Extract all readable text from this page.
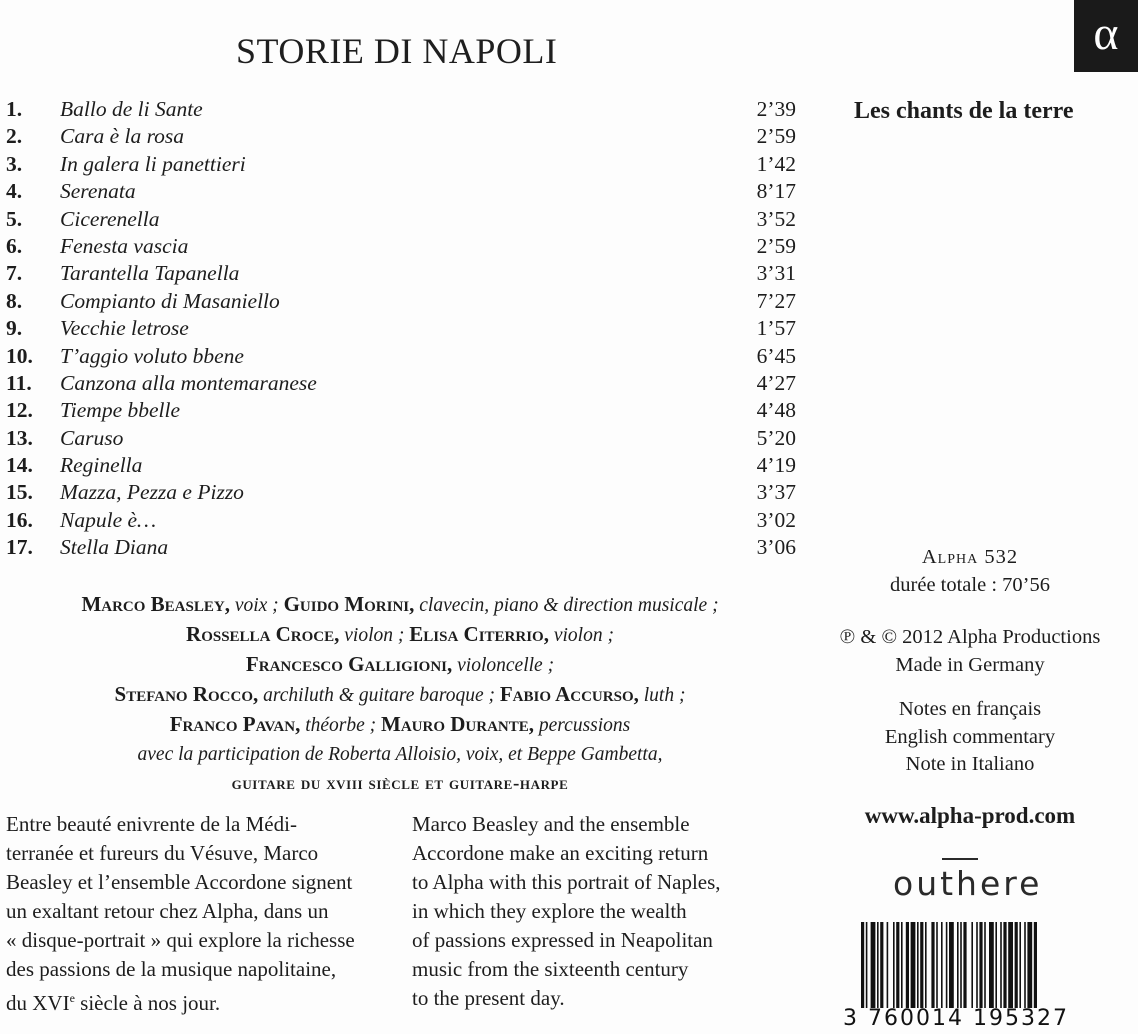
STORIE DI NAPOLI	α
Les chants de la terre
1. Ballo de li Sante	2’39
2. Cara è la rosa	2’59
3. In galera li panettieri	1’42
4. Serenata	8’17
5. Cicerenella	3’52
6. Fenesta vascia	2’59
7. Tarantella Tapanella	3’31
8. Compianto di Masaniello	7’27
9. Vecchie letrose	1’57
10. T’aggio voluto bbene	6’45
11. Canzona alla montemaranese	4’27
12. Tiempe bbelle	4’48
13. Caruso	5’20
14. Reginella	4’19
15. Mazza, Pezza e Pizzo	3’37
16. Napule è…	3’02
17. Stella Diana	3’06
Marco Beasley, voix ; Guido Morini, clavecin, piano & direction musicale ;
Rossella Croce, violon ; Elisa Citerrio, violon ;
Francesco Galligioni, violoncelle ;
Stefano Rocco, archiluth & guitare baroque ; Fabio Accurso, luth ;
Franco Pavan, théorbe ; Mauro Durante, percussions
avec la participation de Roberta Alloisio, voix, et Beppe Gambetta,
guitare du xviii siècle et guitare-harpe
Entre beauté enivrente de la Médi-
terranée et fureurs du Vésuve, Marco
Beasley et l’ensemble Accordone signent
un exaltant retour chez Alpha, dans un
« disque-portrait » qui explore la richesse
des passions de la musique napolitaine,
du XVIe siècle à nos jour.
Marco Beasley and the ensemble
Accordone make an exciting return
to Alpha with this portrait of Naples,
in which they explore the wealth
of passions expressed in Neapolitan
music from the sixteenth century
to the present day.
Alpha 532
durée totale : 70’56
℗ & © 2012 Alpha Productions
Made in Germany
Notes en français
English commentary
Note in Italiano
www.alpha-prod.com
outhere
3 760014 195327
